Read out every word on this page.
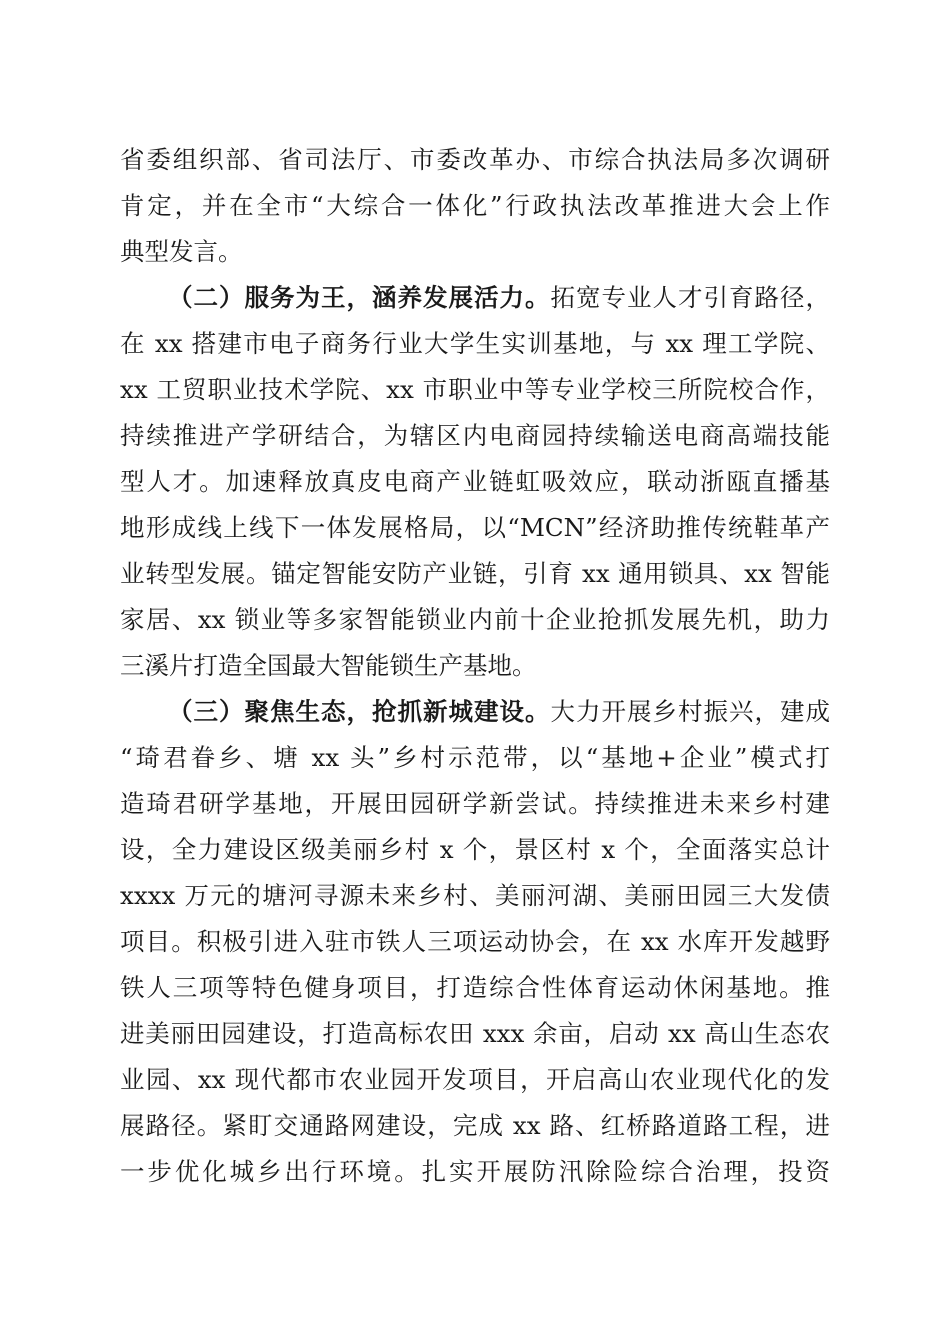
省委组织部、省司法厅、市委改革办、市综合执法局多次调研
肯定，并在全市“大综合一体化”行政执法改革推进大会上作
典型发言。
（二）服务为王，涵养发展活力。拓宽专业人才引育路径，
在 xx 搭建市电子商务行业大学生实训基地，与 xx 理工学院、
xx 工贸职业技术学院、xx 市职业中等专业学校三所院校合作，
持续推进产学研结合，为辖区内电商园持续输送电商高端技能
型人才。加速释放真皮电商产业链虹吸效应，联动浙瓯直播基
地形成线上线下一体发展格局，以“MCN”经济助推传统鞋革产
业转型发展。锚定智能安防产业链，引育 xx 通用锁具、xx 智能
家居、xx 锁业等多家智能锁业内前十企业抢抓发展先机，助力
三溪片打造全国最大智能锁生产基地。
（三）聚焦生态，抢抓新城建设。大力开展乡村振兴，建成
“琦君眷乡、塘 xx 头”乡村示范带，以“基地+企业”模式打
造琦君研学基地，开展田园研学新尝试。持续推进未来乡村建
设，全力建设区级美丽乡村 x 个，景区村 x 个，全面落实总计
xxxx 万元的塘河寻源未来乡村、美丽河湖、美丽田园三大发债
项目。积极引进入驻市铁人三项运动协会，在 xx 水库开发越野
铁人三项等特色健身项目，打造综合性体育运动休闲基地。推
进美丽田园建设，打造高标农田 xxx 余亩，启动 xx 高山生态农
业园、xx 现代都市农业园开发项目，开启高山农业现代化的发
展路径。紧盯交通路网建设，完成 xx 路、红桥路道路工程，进
一步优化城乡出行环境。扎实开展防汛除险综合治理，投资
